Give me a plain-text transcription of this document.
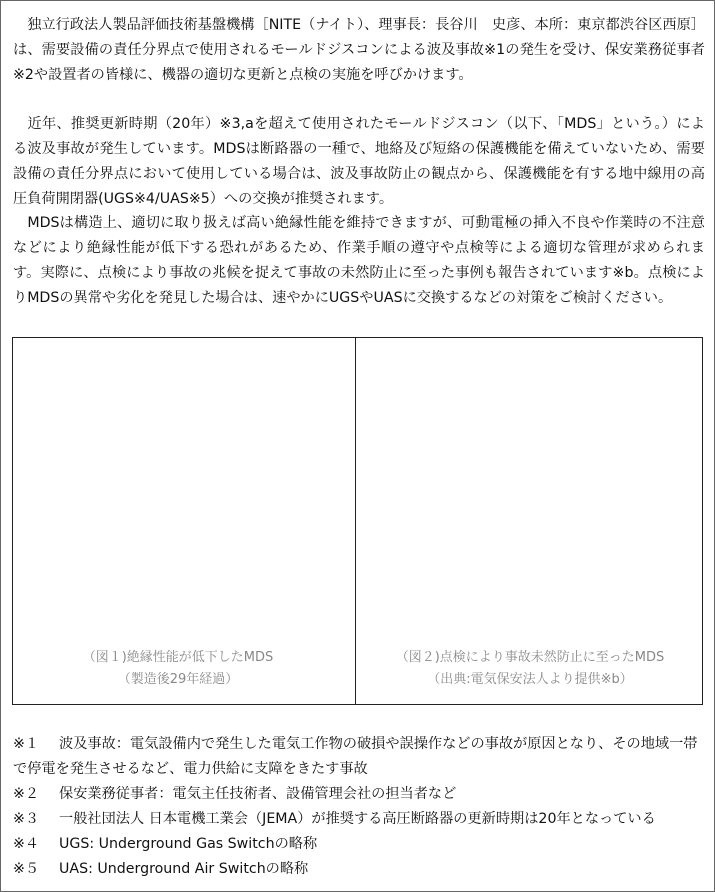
　独立行政法人製品評価技術基盤機構［NITE（ナイト）、理事長：長谷川　史彦、本所：東京都渋谷区西原］は、需要設備の責任分界点で使用されるモールドジスコンによる波及事故※1の発生を受け、保安業務従事者※2や設置者の皆様に、機器の適切な更新と点検の実施を呼びかけます。

　近年、推奨更新時期（20年）※3,aを超えて使用されたモールドジスコン（以下、「MDS」という。）による波及事故が発生しています。MDSは断路器の一種で、地絡及び短絡の保護機能を備えていないため、需要設備の責任分界点において使用している場合は、波及事故防止の観点から、保護機能を有する地中線用の高圧負荷開閉器(UGS※4/UAS※5）への交換が推奨されます。

　MDSは構造上、適切に取り扱えば高い絶縁性能を維持できますが、可動電極の挿入不良や作業時の不注意などにより絶縁性能が低下する恐れがあるため、作業手順の遵守や点検等による適切な管理が求められます。実際に、点検により事故の兆候を捉えて事故の未然防止に至った事例も報告されています※b。点検によりMDSの異常や劣化を発見した場合は、速やかにUGSやUASに交換するなどの対策をご検討ください。

（図１)絶縁性能が低下したMDS
（製造後29年経過）
（図２)点検により事故未然防止に至ったMDS
（出典:電気保安法人より提供※b）
※１ 波及事故：電気設備内で発生した電気工作物の破損や誤操作などの事故が原因となり、その地域一帯で停電を発生させるなど、電力供給に支障をきたす事故
※２ 保安業務従事者：電気主任技術者、設備管理会社の担当者など
※３ 一般社団法人 日本電機工業会（JEMA）が推奨する高圧断路器の更新時期は20年となっている
※４ UGS: Underground Gas Switchの略称
※５ UAS: Underground Air Switchの略称
